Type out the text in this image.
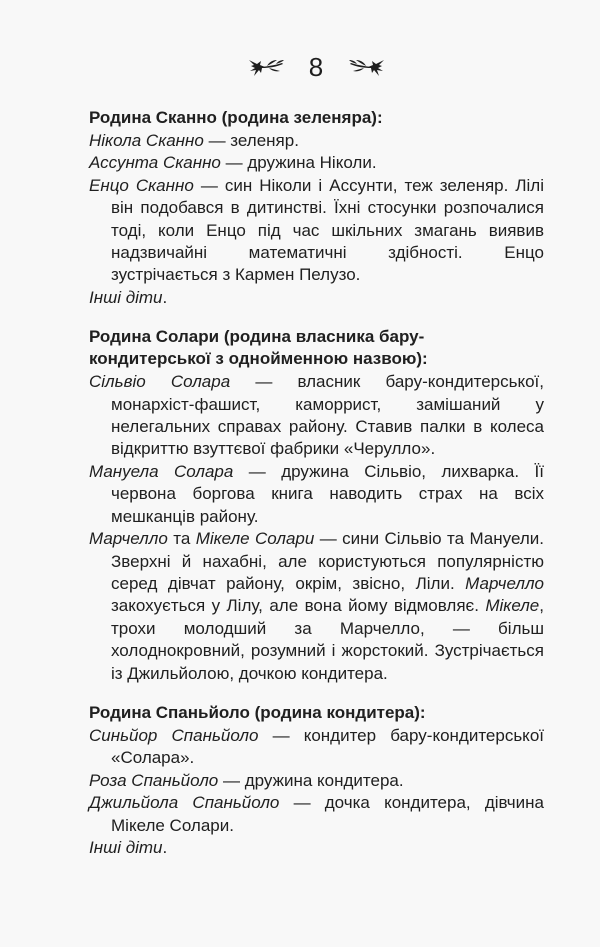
8

Родина Сканно (родина зеленяра):

Нікола Сканно — зеленяр.

Ассунта Сканно — дружина Ніколи.

Енцо Сканно — син Ніколи і Ассунти, теж зеленяр. Лілі він подобався в дитинстві. Їхні стосунки розпочалися тоді, коли Енцо під час шкільних змагань виявив надзвичайні математичні здібності. Енцо зустрічається з Кармен Пелузо.

Інші діти.

Родина Солари (родина власника бару-кондитерської з однойменною назвою):

Сільвіо Солара — власник бару-кондитерської, монархіст-фашист, каморрист, замішаний у нелегальних справах району. Ставив палки в колеса відкриттю взуттєвої фабрики «Черулло».

Мануела Солара — дружина Сільвіо, лихварка. Її червона боргова книга наводить страх на всіх мешканців району.

Марчелло та Мікеле Солари — сини Сільвіо та Мануели. Зверхні й нахабні, але користуються популярністю серед дівчат району, окрім, звісно, Ліли. Марчелло закохується у Лілу, але вона йому відмовляє. Мікеле, трохи молодший за Марчелло, — більш холоднокровний, розумний і жорстокий. Зустрічається із Джильйолою, дочкою кондитера.

Родина Спаньйоло (родина кондитера):

Синьйор Спаньйоло — кондитер бару-кондитерської «Солара».

Роза Спаньйоло — дружина кондитера.

Джильйола Спаньйоло — дочка кондитера, дівчина Мікеле Солари.

Інші діти.
